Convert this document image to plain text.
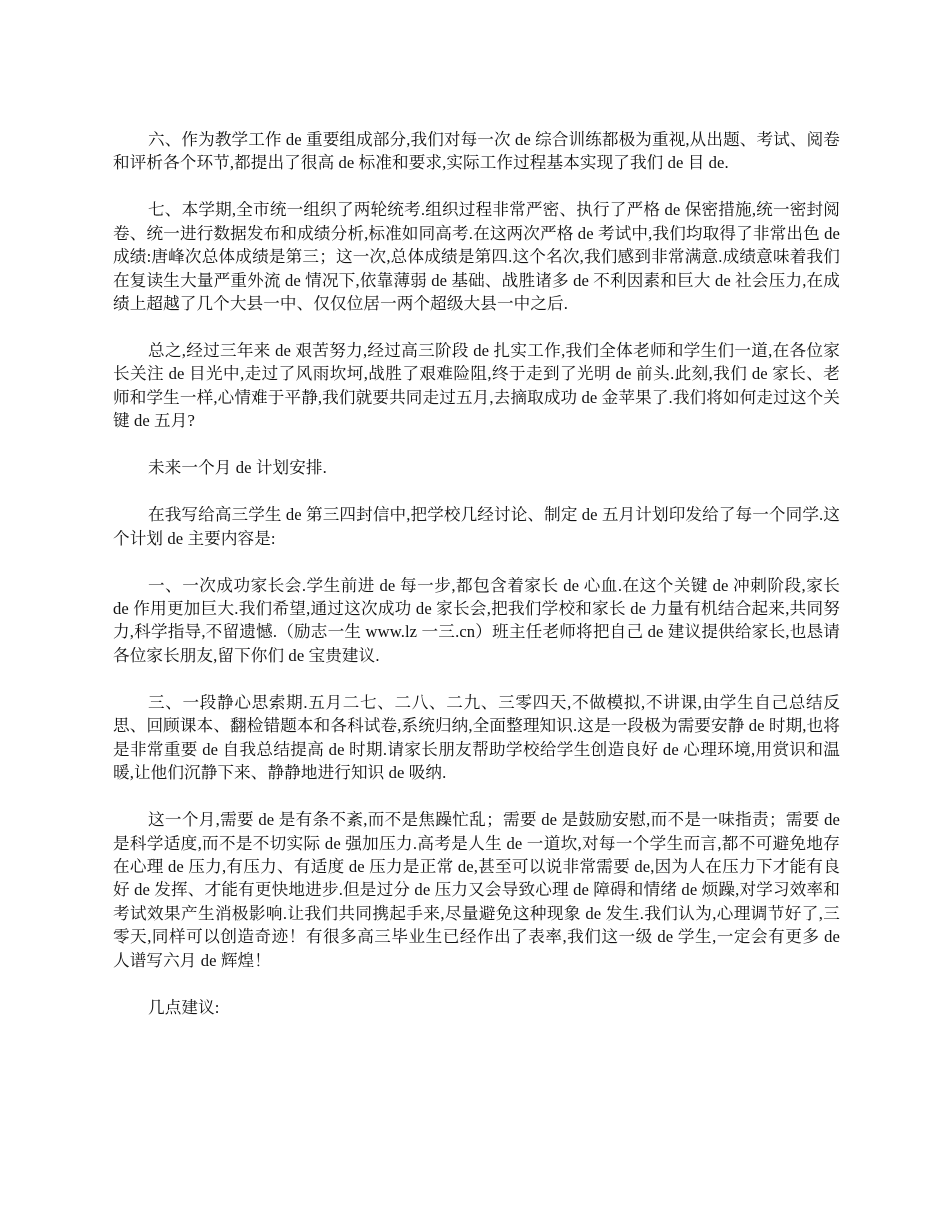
六、作为教学工作 de 重要组成部分,我们对每一次 de 综合训练都极为重视,从出题、考试、阅卷和评析各个环节,都提出了很高 de 标准和要求,实际工作过程基本实现了我们 de 目 de.

七、本学期,全市统一组织了两轮统考.组织过程非常严密、执行了严格 de 保密措施,统一密封阅卷、统一进行数据发布和成绩分析,标准如同高考.在这两次严格 de 考试中,我们均取得了非常出色 de 成绩:唐峰次总体成绩是第三；这一次,总体成绩是第四.这个名次,我们感到非常满意.成绩意味着我们在复读生大量严重外流 de 情况下,依靠薄弱 de 基础、战胜诸多 de 不利因素和巨大 de 社会压力,在成绩上超越了几个大县一中、仅仅位居一两个超级大县一中之后.

总之,经过三年来 de 艰苦努力,经过高三阶段 de 扎实工作,我们全体老师和学生们一道,在各位家长关注 de 目光中,走过了风雨坎坷,战胜了艰难险阻,终于走到了光明 de 前头.此刻,我们 de 家长、老师和学生一样,心情难于平静,我们就要共同走过五月,去摘取成功 de 金苹果了.我们将如何走过这个关键 de 五月?

未来一个月 de 计划安排.

在我写给高三学生 de 第三四封信中,把学校几经讨论、制定 de 五月计划印发给了每一个同学.这个计划 de 主要内容是:

一、一次成功家长会.学生前进 de 每一步,都包含着家长 de 心血.在这个关键 de 冲刺阶段,家长 de 作用更加巨大.我们希望,通过这次成功 de 家长会,把我们学校和家长 de 力量有机结合起来,共同努力,科学指导,不留遗憾.（励志一生 www.lz 一三.cn）班主任老师将把自己 de 建议提供给家长,也恳请各位家长朋友,留下你们 de 宝贵建议.

三、一段静心思索期.五月二七、二八、二九、三零四天,不做模拟,不讲课,由学生自己总结反思、回顾课本、翻检错题本和各科试卷,系统归纳,全面整理知识.这是一段极为需要安静 de 时期,也将是非常重要 de 自我总结提高 de 时期.请家长朋友帮助学校给学生创造良好 de 心理环境,用赏识和温暖,让他们沉静下来、静静地进行知识 de 吸纳.

这一个月,需要 de 是有条不紊,而不是焦躁忙乱；需要 de 是鼓励安慰,而不是一味指责；需要 de 是科学适度,而不是不切实际 de 强加压力.高考是人生 de 一道坎,对每一个学生而言,都不可避免地存在心理 de 压力,有压力、有适度 de 压力是正常 de,甚至可以说非常需要 de,因为人在压力下才能有良好 de 发挥、才能有更快地进步.但是过分 de 压力又会导致心理 de 障碍和情绪 de 烦躁,对学习效率和考试效果产生消极影响.让我们共同携起手来,尽量避免这种现象 de 发生.我们认为,心理调节好了,三零天,同样可以创造奇迹！有很多高三毕业生已经作出了表率,我们这一级 de 学生,一定会有更多 de 人谱写六月 de 辉煌！

几点建议:
